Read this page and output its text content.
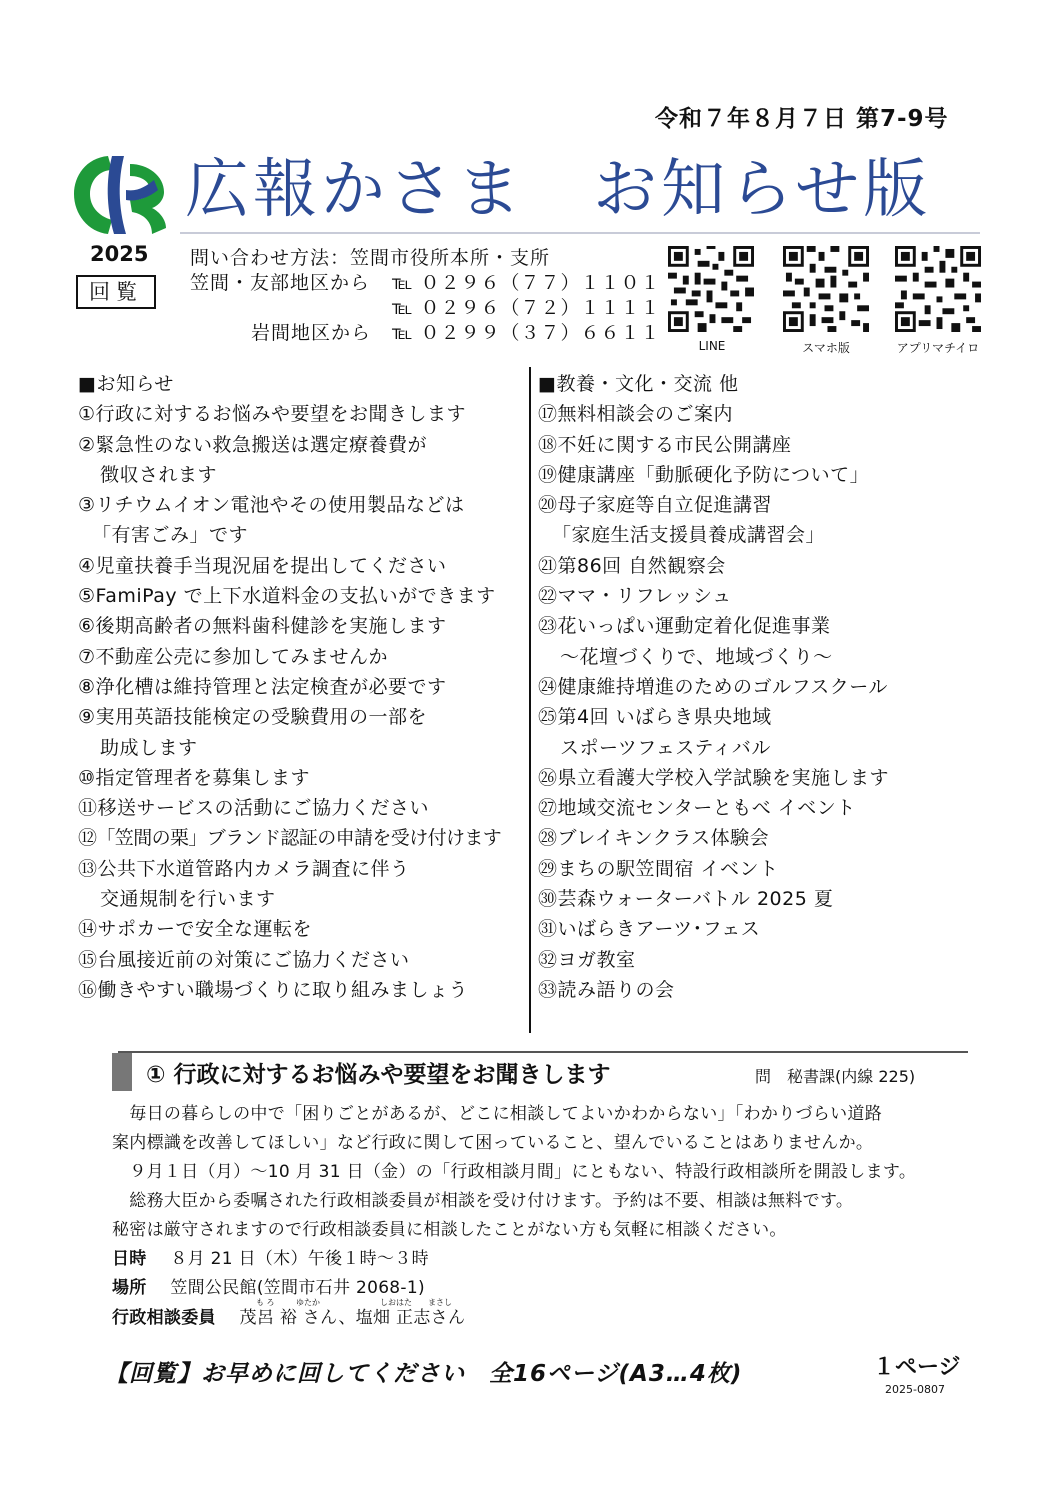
令和７年８月７日 第7-9号
広報かさま　お知らせ版
2025
回覧
問い合わせ方法：笠間市役所本所・支所
笠間・友部地区から ℡ ０２９６（７７）１１０１
℡ ０２９６（７２）１１１１
岩間地区から ℡ ０２９９（３７）６６１１
LINE	スマホ版	アプリマチイロ
■お知らせ
①行政に対するお悩みや要望をお聞きします
②緊急性のない救急搬送は選定療養費が
徴収されます
③リチウムイオン電池やその使用製品などは
「有害ごみ」です
④児童扶養手当現況届を提出してください
⑤FamiPay で上下水道料金の支払いができます
⑥後期高齢者の無料歯科健診を実施します
⑦不動産公売に参加してみませんか
⑧浄化槽は維持管理と法定検査が必要です
⑨実用英語技能検定の受験費用の一部を
助成します
⑩指定管理者を募集します
⑪移送サービスの活動にご協力ください
⑫「笠間の栗」ブランド認証の申請を受け付けます
⑬公共下水道管路内カメラ調査に伴う
交通規制を行います
⑭サポカーで安全な運転を
⑮台風接近前の対策にご協力ください
⑯働きやすい職場づくりに取り組みましょう
■教養・文化・交流 他
⑰無料相談会のご案内
⑱不妊に関する市民公開講座
⑲健康講座「動脈硬化予防について」
⑳母子家庭等自立促進講習
「家庭生活支援員養成講習会」
㉑第86回 自然観察会
㉒ママ・リフレッシュ
㉓花いっぱい運動定着化促進事業
～花壇づくりで、地域づくり～
㉔健康維持増進のためのゴルフスクール
㉕第4回 いばらき県央地域
スポーツフェスティバル
㉖県立看護大学校入学試験を実施します
㉗地域交流センターともべ イベント
㉘ブレイキンクラス体験会
㉙まちの駅笠間宿 イベント
㉚芸森ウォーターバトル 2025 夏
㉛いばらきアーツ･フェス
㉜ヨガ教室
㉝読み語りの会
① 行政に対するお悩みや要望をお聞きします	問　秘書課(内線 225)
　毎日の暮らしの中で「困りごとがあるが、どこに相談してよいかわからない」「わかりづらい道路
案内標識を改善してほしい」など行政に関して困っていること、望んでいることはありませんか。
　９月１日（月）～10 月 31 日（金）の「行政相談月間」にともない、特設行政相談所を開設します。
　総務大臣から委嘱された行政相談委員が相談を受け付けます。予約は不要、相談は無料です。
秘密は厳守されますので行政相談委員に相談したことがない方も気軽に相談ください。
日時 ８月 21 日（木）午後１時～３時
場所 笠間公民館(笠間市石井 2068-1)
も ろ	ゆたか	しおはた まさし
行政相談委員 茂呂 裕 さん、塩畑 正志さん
【回覧】お早めに回してください　全16ページ(A3…4枚)	１ページ
2025-0807
